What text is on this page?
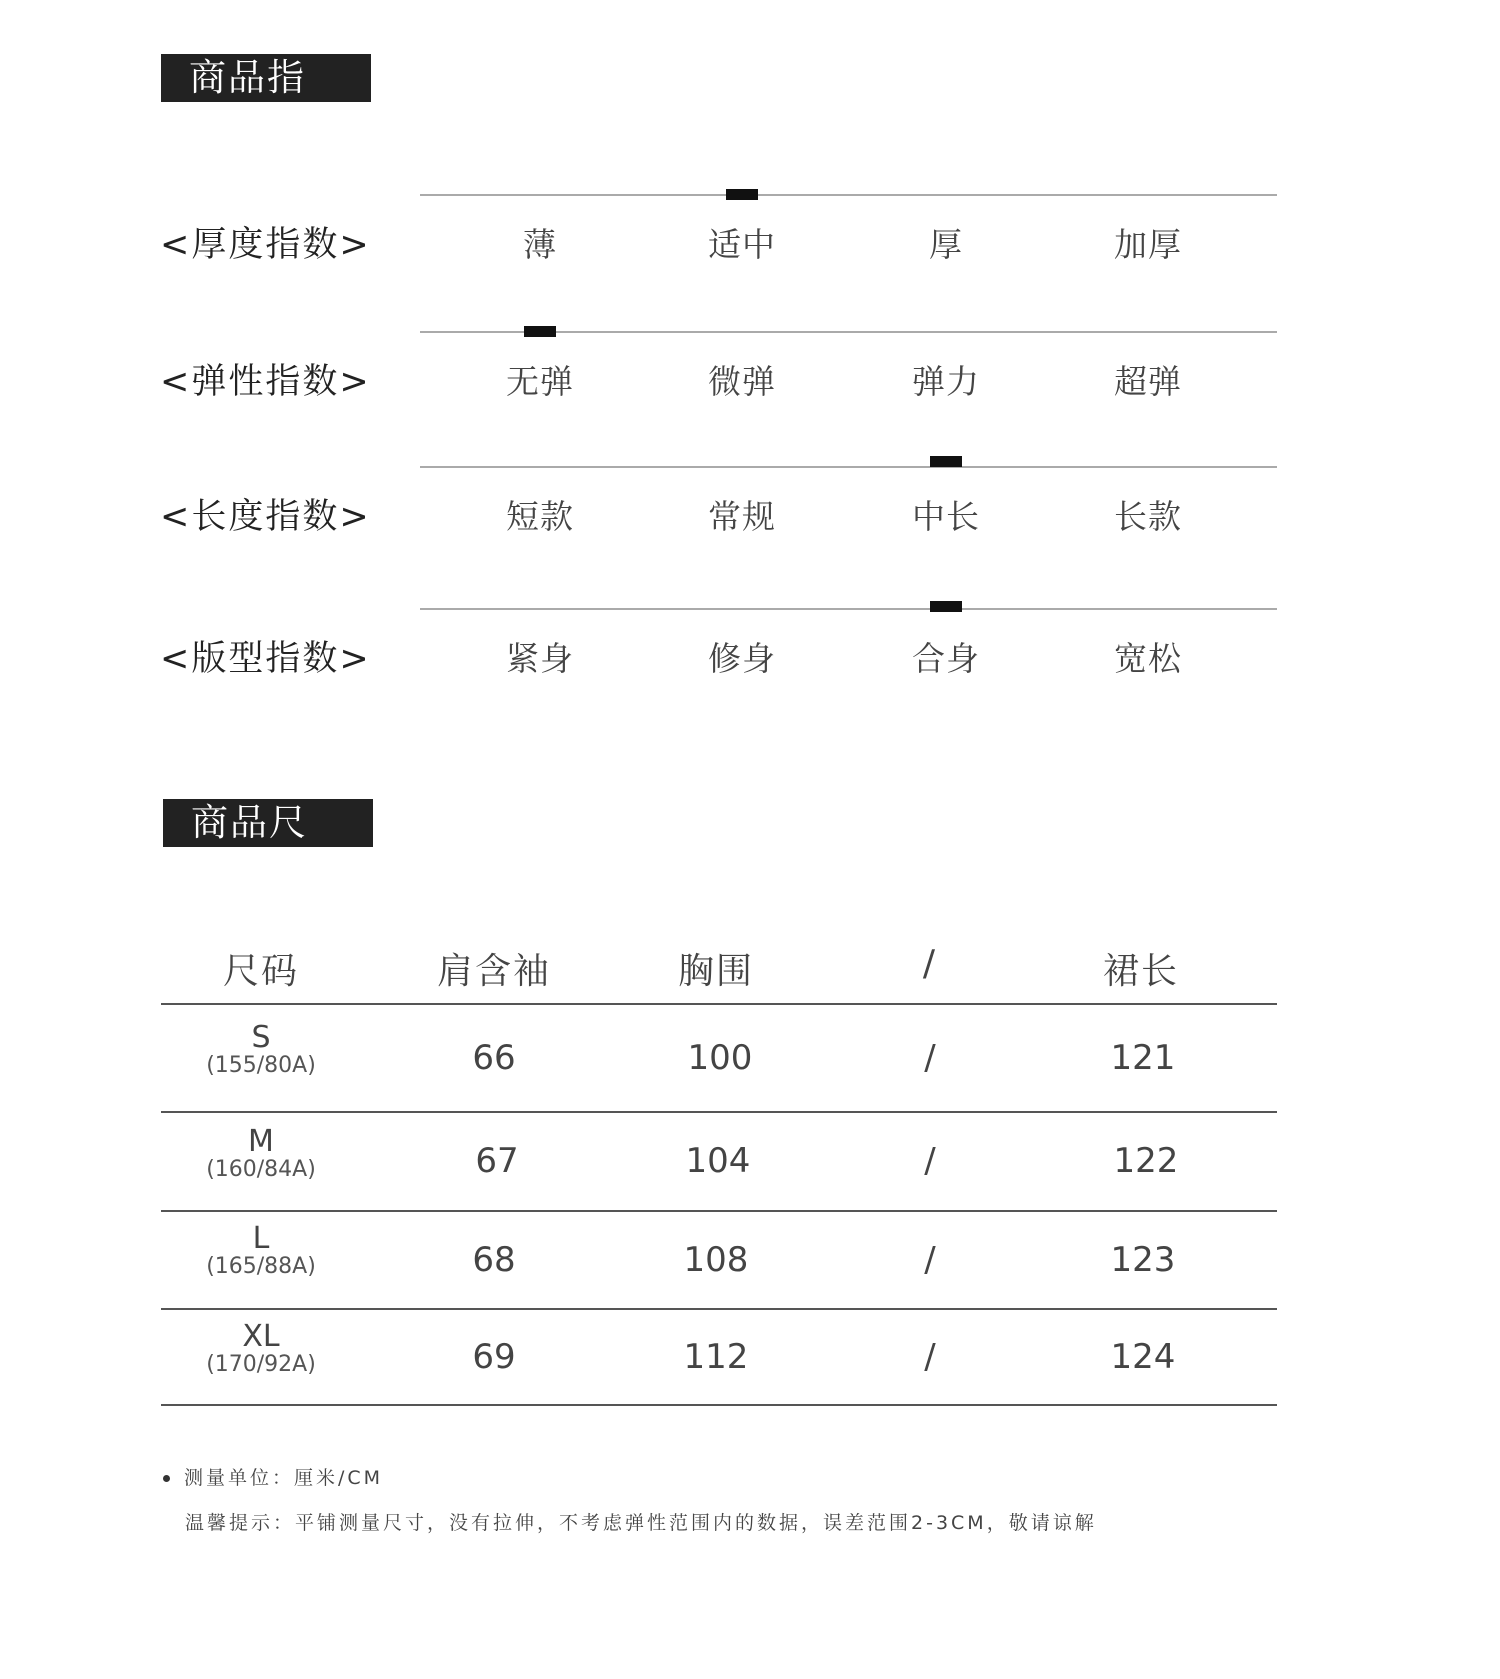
商品指数
<厚度指数>	薄	适中	厚	加厚
<弹性指数>	无弹	微弹	弹力	超弹
<长度指数>	短款	常规	中长	长款
<版型指数>	紧身	修身	合身	宽松
商品尺寸
尺码	肩含袖	胸围	/	裙长
S
(155/80A)	66	100	/	121
M
(160/84A)	67	104	/	122
L
(165/88A)	68	108	/	123
XL
(170/92A)	69	112	/	124
测量单位：厘米/CM
温馨提示：平铺测量尺寸，没有拉伸，不考虑弹性范围内的数据，误差范围2-3CM，敬请谅解
